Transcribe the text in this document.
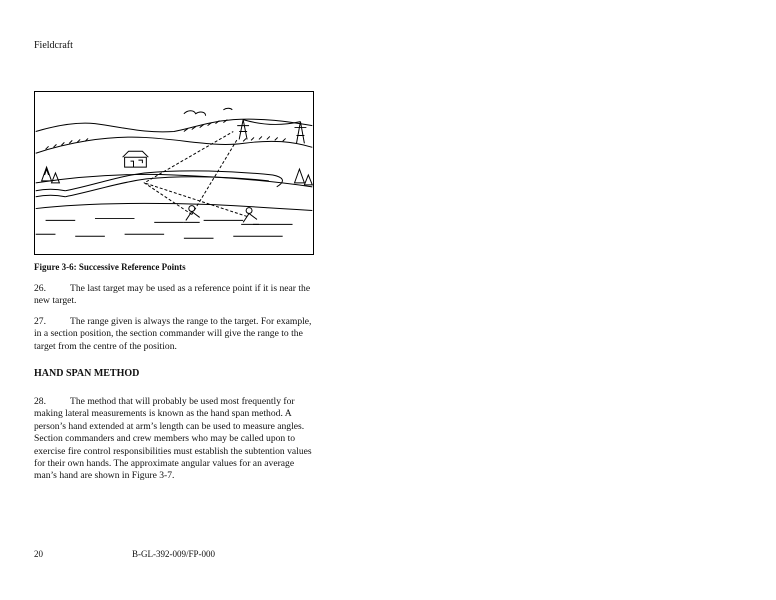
Fieldcraft
Figure 3-6: Successive Reference Points
26.	The last target may be used as a reference point if it is near the new target.
27.	The range given is always the range to the target. For example, in a section position, the section commander will give the range to the target from the centre of the position.
HAND SPAN METHOD
28.	The method that will probably be used most frequently for making lateral measurements is known as the hand span method. A person’s hand extended at arm’s length can be used to measure angles. Section commanders and crew members who may be called upon to exercise fire control responsibilities must establish the subtention values for their own hands. The approximate angular values for an average man’s hand are shown in Figure 3-7.
20	B-GL-392-009/FP-000
